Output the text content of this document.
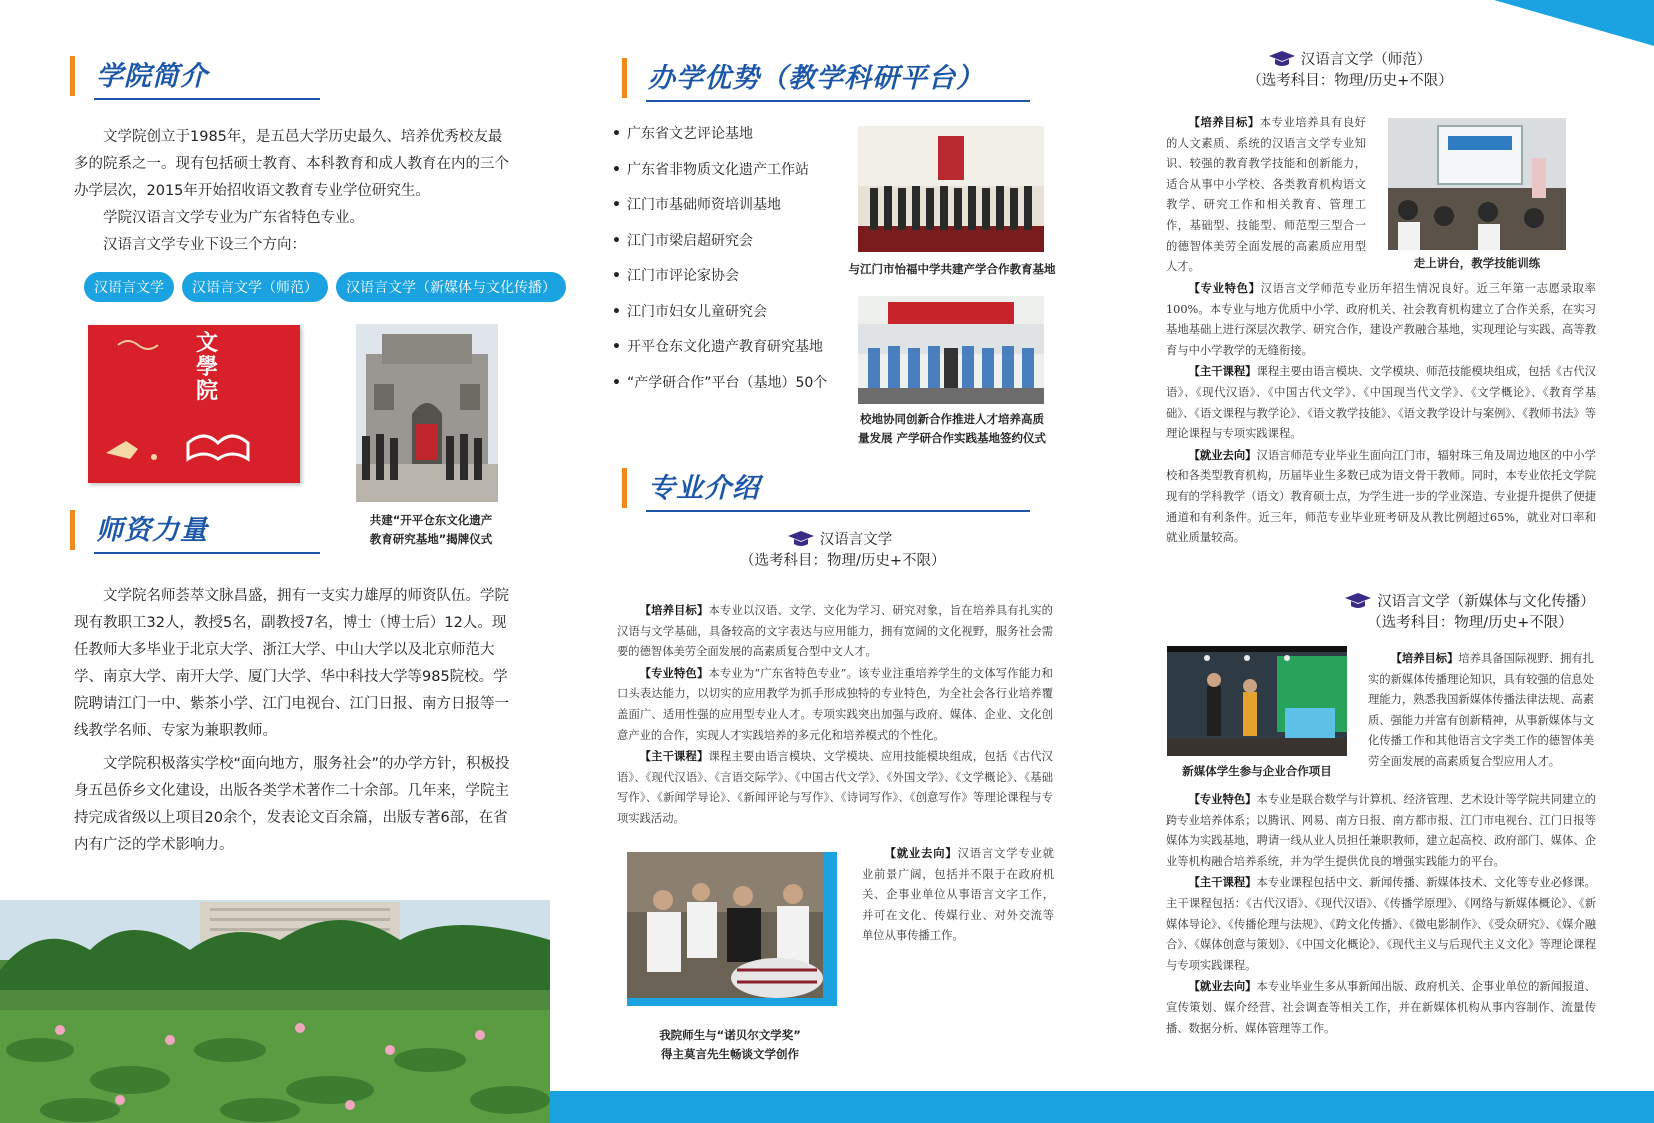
学院简介

文学院创立于1985年，是五邑大学历史最久、培养优秀校友最多的院系之一。现有包括硕士教育、本科教育和成人教育在内的三个办学层次，2015年开始招收语文教育专业学位研究生。

学院汉语言文学专业为广东省特色专业。

汉语言文学专业下设三个方向：

汉语言文学	汉语言文学（师范）	汉语言文学（新媒体与文化传播）
文學院
共建“开平仓东文化遗产
教育研究基地”揭牌仪式
师资力量

文学院名师荟萃文脉昌盛，拥有一支实力雄厚的师资队伍。学院现有教职工32人，教授5名，副教授7名，博士（博士后）12人。现任教师大多毕业于北京大学、浙江大学、中山大学以及北京师范大学、南京大学、南开大学、厦门大学、华中科技大学等985院校。学院聘请江门一中、紫茶小学、江门电视台、江门日报、南方日报等一线教学名师、专家为兼职教师。

文学院积极落实学校“面向地方，服务社会”的办学方针，积极投身五邑侨乡文化建设，出版各类学术著作二十余部。几年来，学院主持完成省级以上项目20余个，发表论文百余篇，出版专著6部，在省内有广泛的学术影响力。

办学优势（教学科研平台）
• 广东省文艺评论基地
• 广东省非物质文化遗产工作站
• 江门市基础师资培训基地
• 江门市梁启超研究会
• 江门市评论家协会
• 江门市妇女儿童研究会
• 开平仓东文化遗产教育研究基地
• “产学研合作”平台（基地）50个
与江门市怡福中学共建产学合作教育基地
校地协同创新合作推进人才培养高质
量发展 产学研合作实践基地签约仪式
专业介绍
汉语言文学
（选考科目：物理/历史+不限）

【培养目标】本专业以汉语、文学、文化为学习、研究对象，旨在培养具有扎实的汉语与文学基础，具备较高的文字表达与应用能力，拥有宽阔的文化视野，服务社会需要的德智体美劳全面发展的高素质复合型中文人才。

【专业特色】本专业为“广东省特色专业”。该专业注重培养学生的文体写作能力和口头表达能力，以切实的应用教学为抓手形成独特的专业特色，为全社会各行业培养覆盖面广、适用性强的应用型专业人才。专项实践突出加强与政府、媒体、企业、文化创意产业的合作，实现人才实践培养的多元化和培养模式的个性化。

【主干课程】课程主要由语言模块、文学模块、应用技能模块组成，包括《古代汉语》、《现代汉语》、《言语交际学》、《中国古代文学》、《外国文学》、《文学概论》、《基础写作》、《新闻学导论》、《新闻评论与写作》、《诗词写作》、《创意写作》等理论课程与专项实践活动。

我院师生与“诺贝尔文学奖”
得主莫言先生畅谈文学创作

【就业去向】汉语言文学专业就业前景广阔，包括并不限于在政府机关、企事业单位从事语言文字工作，并可在文化、传媒行业、对外交流等单位从事传播工作。

汉语言文学（师范）
（选考科目：物理/历史+不限）

【培养目标】本专业培养具有良好的人文素质、系统的汉语言文学专业知识、较强的教育教学技能和创新能力，适合从事中小学校、各类教育机构语文教学、研究工作和相关教育、管理工作，基础型、技能型、师范型三型合一的德智体美劳全面发展的高素质应用型人才。	走上讲台，教学技能训练

【专业特色】汉语言文学师范专业历年招生情况良好。近三年第一志愿录取率100%。本专业与地方优质中小学、政府机关、社会教育机构建立了合作关系，在实习基地基础上进行深层次教学、研究合作，建设产教融合基地，实现理论与实践、高等教育与中小学教学的无缝衔接。

【主干课程】课程主要由语言模块、文学模块、师范技能模块组成，包括《古代汉语》、《现代汉语》、《中国古代文学》、《中国现当代文学》、《文学概论》、《教育学基础》、《语文课程与教学论》、《语文教学技能》、《语文教学设计与案例》、《教师书法》等理论课程与专项实践课程。

【就业去向】汉语言师范专业毕业生面向江门市，辐射珠三角及周边地区的中小学校和各类型教育机构，历届毕业生多数已成为语文骨干教师。同时，本专业依托文学院现有的学科教学（语文）教育硕士点，为学生进一步的学业深造、专业提升提供了便捷通道和有利条件。近三年，师范专业毕业班考研及从教比例超过65%，就业对口率和就业质量较高。

汉语言文学（新媒体与文化传播）
（选考科目：物理/历史+不限）
新媒体学生参与企业合作项目

【培养目标】培养具备国际视野、拥有扎实的新媒体传播理论知识，具有较强的信息处理能力，熟悉我国新媒体传播法律法规、高素质、强能力并富有创新精神，从事新媒体与文化传播工作和其他语言文字类工作的德智体美劳全面发展的高素质复合型应用人才。

【专业特色】本专业是联合数学与计算机、经济管理、艺术设计等学院共同建立的跨专业培养体系；以腾讯、网易、南方日报、南方都市报、江门市电视台、江门日报等媒体为实践基地，聘请一线从业人员担任兼职教师，建立起高校、政府部门、媒体、企业等机构融合培养系统，并为学生提供优良的增强实践能力的平台。

【主干课程】本专业课程包括中文、新闻传播、新媒体技术、文化等专业必修课。主干课程包括：《古代汉语》、《现代汉语》、《传播学原理》、《网络与新媒体概论》、《新媒体导论》、《传播伦理与法规》、《跨文化传播》、《微电影制作》、《受众研究》、《媒介融合》、《媒体创意与策划》、《中国文化概论》、《现代主义与后现代主义文化》等理论课程与专项实践课程。

【就业去向】本专业毕业生多从事新闻出版、政府机关、企事业单位的新闻报道、宣传策划、媒介经营、社会调查等相关工作，并在新媒体机构从事内容制作、流量传播、数据分析、媒体管理等工作。
